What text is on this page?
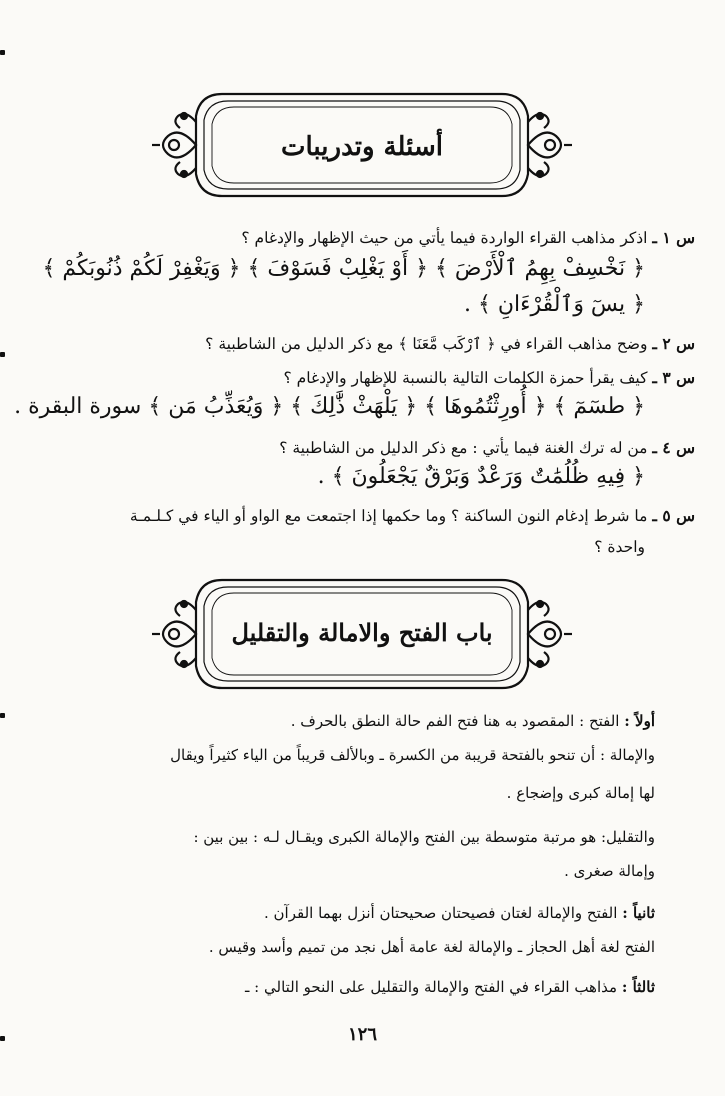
أسئلة وتدريبات
س ١ ـ اذكر مذاهب القراء الواردة فيما يأتي من حيث الإظهار والإدغام ؟
﴿ نَخْسِفْ بِهِمُ ٱلْأَرْضَ ﴾ ﴿ أَوْ يَغْلِبْ فَسَوْفَ ﴾ ﴿ وَيَغْفِرْ لَكُمْ ذُنُوبَكُمْ ﴾
﴿ يسٓ وَٱلْقُرْءَانِ ﴾ .
س ٢ ـ وضح مذاهب القراء في ﴿ ٱرْكَب مَّعَنَا ﴾ مع ذكر الدليل من الشاطبية ؟
س ٣ ـ كيف يقرأ حمزة الكلمات التالية بالنسبة للإظهار والإدغام ؟
﴿ طسٓمٓ ﴾ ﴿ أُورِثْتُمُوهَا ﴾ ﴿ يَلْهَثْ ذَّٰلِكَ ﴾ ﴿ وَيُعَذِّبُ مَن ﴾ سورة البقرة .
س ٤ ـ من له ترك الغنة فيما يأتي : مع ذكر الدليل من الشاطبية ؟
﴿ فِيهِ ظُلُمَٰتٌ وَرَعْدٌ وَبَرْقٌ يَجْعَلُونَ ﴾ .
س ٥ ـ ما شرط إدغام النون الساكنة ؟ وما حكمها إذا اجتمعت مع الواو أو الياء في كـلـمـة
واحدة ؟
باب الفتح والامالة والتقليل
أولاً : الفتح : المقصود به هنا فتح الفم حالة النطق بالحرف .
والإمالة : أن تنحو بالفتحة قريبة من الكسرة ـ وبالألف قريباً من الياء كثيراً ويقال
لها إمالة كبرى وإضجاع .
والتقليل: هو مرتبة متوسطة بين الفتح والإمالة الكبرى ويقـال لـه : بين بين :
وإمالة صغرى .
ثانياً : الفتح والإمالة لغتان فصيحتان صحيحتان أنزل بهما القرآن .
الفتح لغة أهل الحجاز ـ والإمالة لغة عامة أهل نجد من تميم وأسد وقيس .
ثالثاً : مذاهب القراء في الفتح والإمالة والتقليل على النحو التالي : ـ
١٢٦
